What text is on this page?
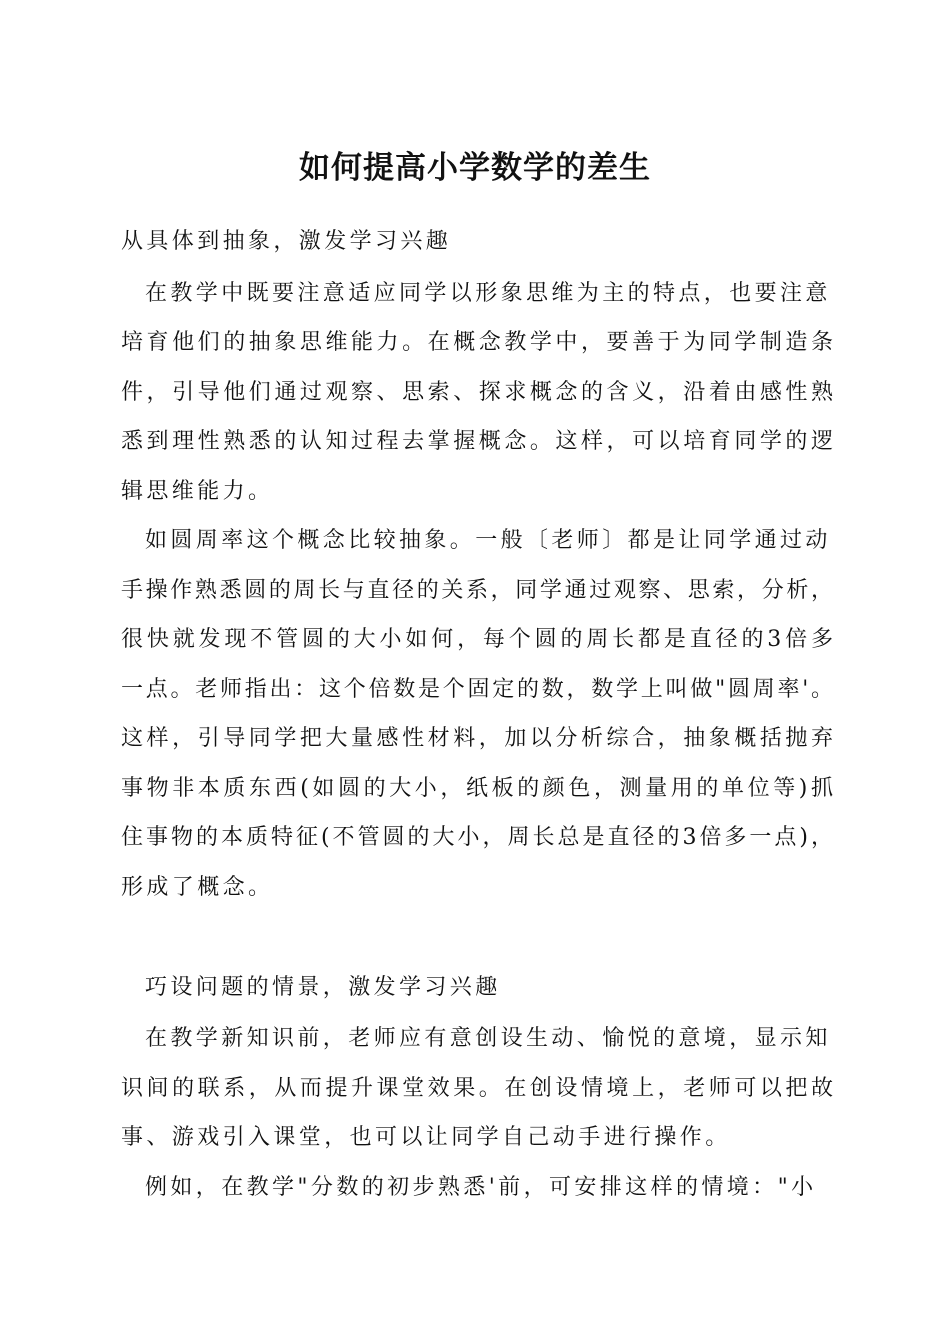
如何提高小学数学的差生
从具体到抽象，激发学习兴趣
在教学中既要注意适应同学以形象思维为主的特点，也要注意
培育他们的抽象思维能力。在概念教学中，要善于为同学制造条
件，引导他们通过观察、思索、探求概念的含义，沿着由感性熟
悉到理性熟悉的认知过程去掌握概念。这样，可以培育同学的逻
辑思维能力。
如圆周率这个概念比较抽象。一般〔老师〕都是让同学通过动
手操作熟悉圆的周长与直径的关系，同学通过观察、思索，分析，
很快就发现不管圆的大小如何，每个圆的周长都是直径的3倍多
一点。老师指出：这个倍数是个固定的数，数学上叫做"圆周率'。
这样，引导同学把大量感性材料，加以分析综合，抽象概括抛弃
事物非本质东西(如圆的大小，纸板的颜色，测量用的单位等)抓
住事物的本质特征(不管圆的大小，周长总是直径的3倍多一点)，
形成了概念。
巧设问题的情景，激发学习兴趣
在教学新知识前，老师应有意创设生动、愉悦的意境，显示知
识间的联系，从而提升课堂效果。在创设情境上，老师可以把故
事、游戏引入课堂，也可以让同学自己动手进行操作。
例如，在教学"分数的初步熟悉'前，可安排这样的情境："小
